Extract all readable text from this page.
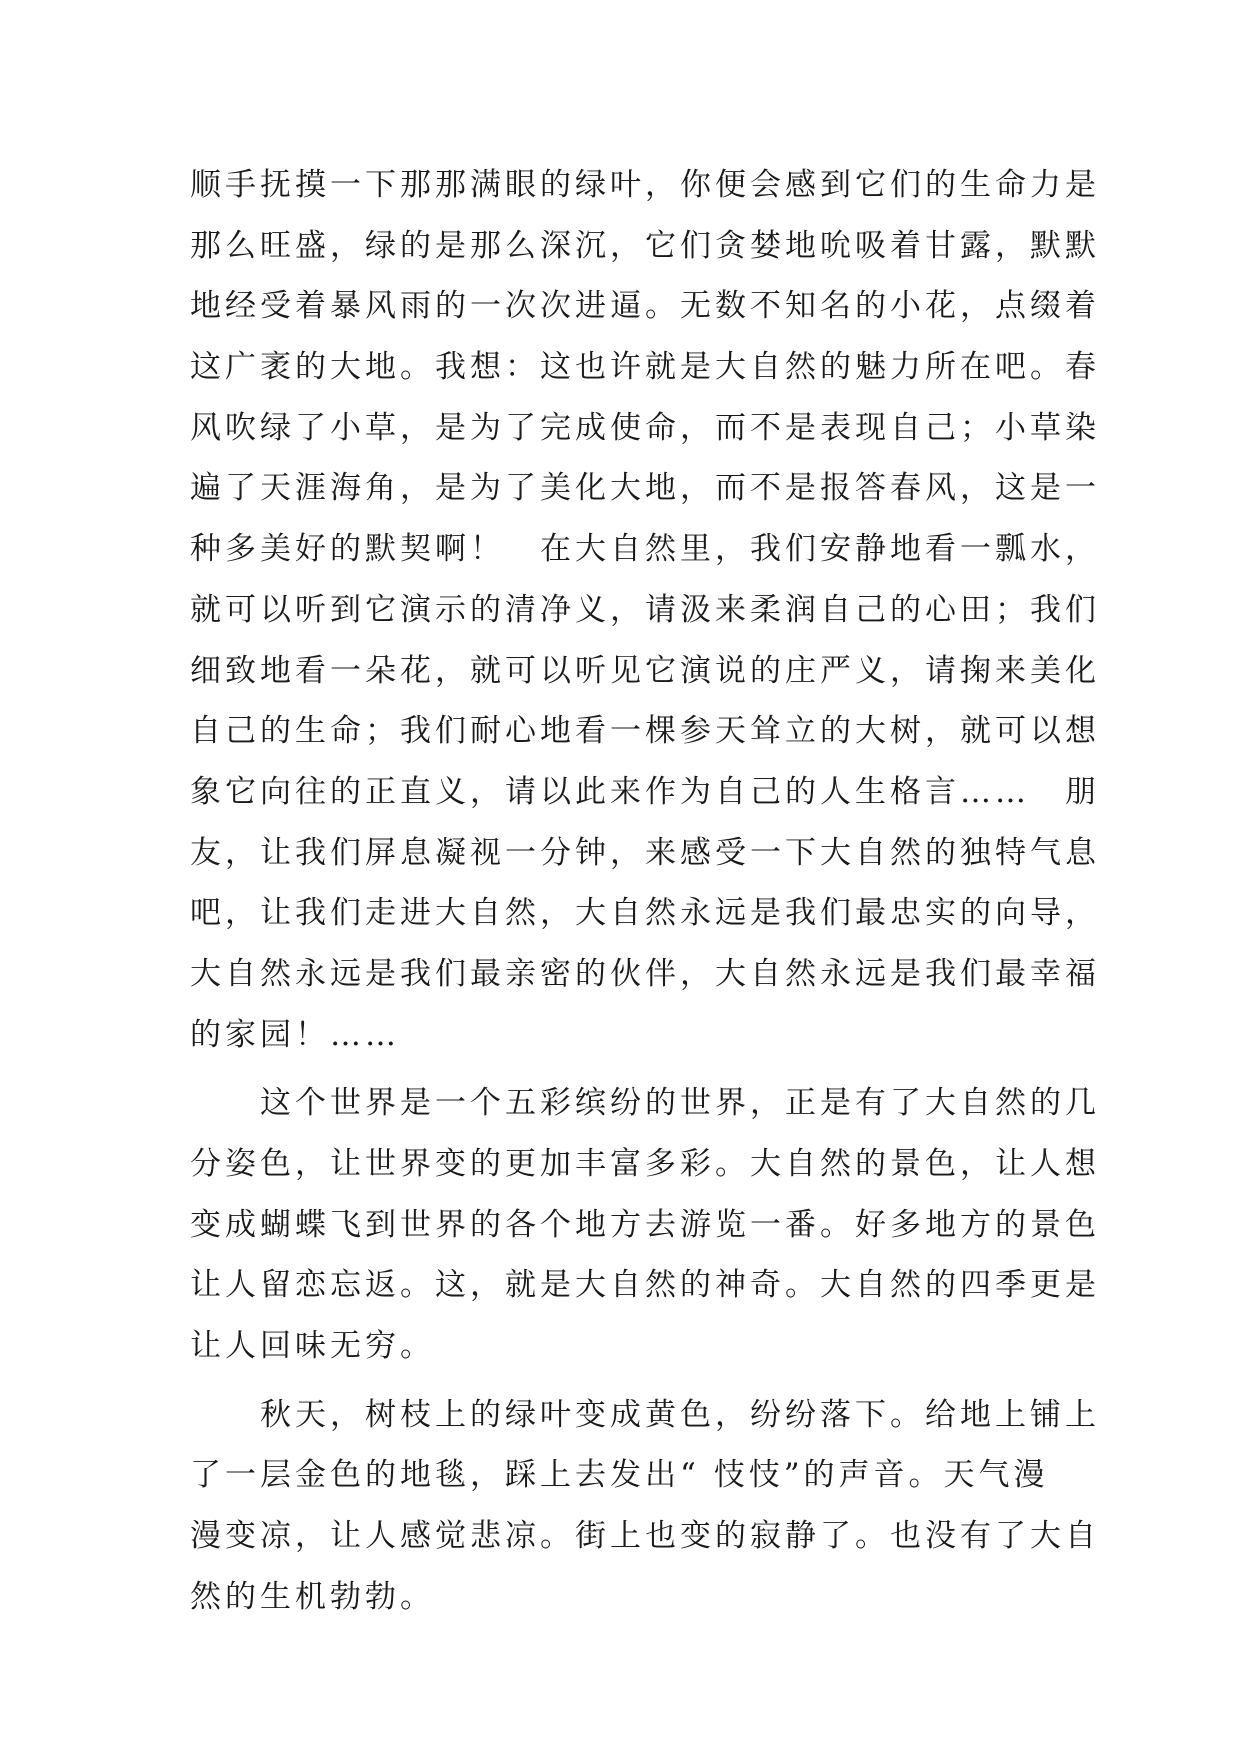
顺手抚摸一下那那满眼的绿叶，你便会感到它们的生命力是
那么旺盛，绿的是那么深沉，它们贪婪地吮吸着甘露，默默
地经受着暴风雨的一次次进逼。无数不知名的小花，点缀着
这广袤的大地。我想：这也许就是大自然的魅力所在吧。春
风吹绿了小草，是为了完成使命，而不是表现自己；小草染
遍了天涯海角，是为了美化大地，而不是报答春风，这是一
种多美好的默契啊！　在大自然里，我们安静地看一瓢水，
就可以听到它演示的清净义，请汲来柔润自己的心田；我们
细致地看一朵花，就可以听见它演说的庄严义，请掬来美化
自己的生命；我们耐心地看一棵参天耸立的大树，就可以想
象它向往的正直义，请以此来作为自己的人生格言……　朋
友，让我们屏息凝视一分钟，来感受一下大自然的独特气息
吧，让我们走进大自然，大自然永远是我们最忠实的向导，
大自然永远是我们最亲密的伙伴，大自然永远是我们最幸福
的家园！……
　　这个世界是一个五彩缤纷的世界，正是有了大自然的几
分姿色，让世界变的更加丰富多彩。大自然的景色，让人想
变成蝴蝶飞到世界的各个地方去游览一番。好多地方的景色
让人留恋忘返。这，就是大自然的神奇。大自然的四季更是
让人回味无穷。
　　秋天，树枝上的绿叶变成黄色，纷纷落下。给地上铺上
了一层金色的地毯，踩上去发出“ 忮忮”的声音。天气漫
漫变凉，让人感觉悲凉。街上也变的寂静了。也没有了大自
然的生机勃勃。
